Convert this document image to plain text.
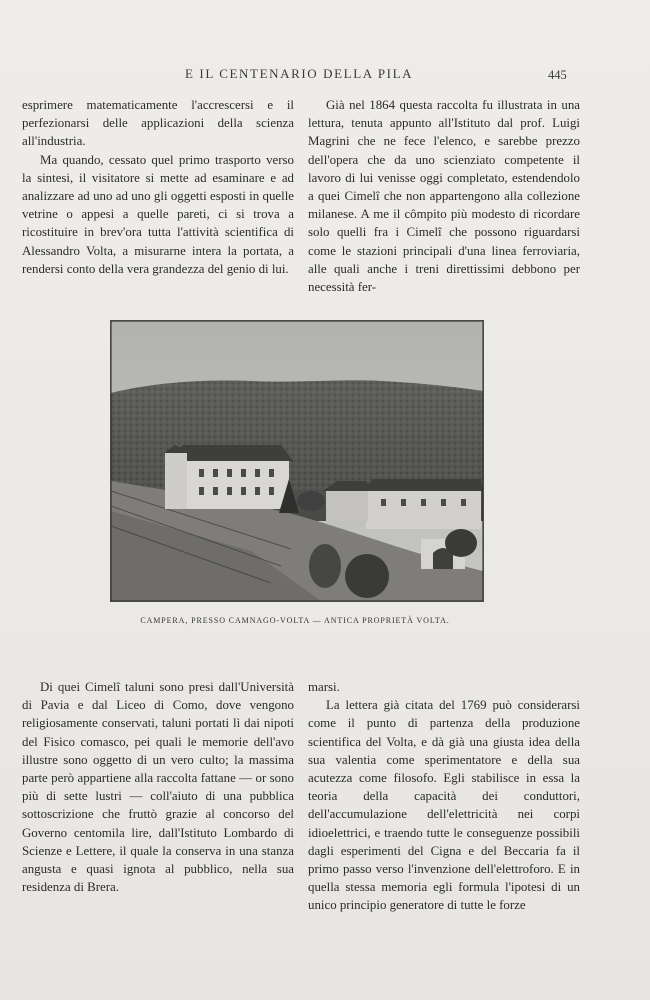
E IL CENTENARIO DELLA PILA	445

esprimere matematicamente l'accrescersi e il perfezionarsi delle applicazioni della scienza all'industria.

Ma quando, cessato quel primo trasporto verso la sintesi, il visitatore si mette ad esaminare e ad analizzare ad uno ad uno gli oggetti esposti in quelle vetrine o appesi a quelle pareti, ci si trova a ricostituire in brev'ora tutta l'attività scientifica di Alessandro Volta, a misurarne intera la portata, a rendersi conto della vera grandezza del genio di lui.

Già nel 1864 questa raccolta fu illustrata in una lettura, tenuta appunto all'Istituto dal prof. Luigi Magrini che ne fece l'elenco, e sarebbe prezzo dell'opera che da uno scienziato competente il lavoro di lui venisse oggi completato, estendendolo a quei Cimelî che non appartengono alla collezione milanese. A me il cômpito più modesto di ricordare solo quelli fra i Cimelî che possono riguardarsi come le stazioni principali d'una linea ferroviaria, alle quali anche i treni direttissimi debbono per necessità fer-

CAMPERA, PRESSO CAMNAGO-VOLTA — ANTICA PROPRIETÀ VOLTA.

Di quei Cimelî taluni sono presi dall'Università di Pavia e dal Liceo di Como, dove vengono religiosamente conservati, taluni portati lì dai nipoti del Fisico comasco, pei quali le memorie dell'avo illustre sono oggetto di un vero culto; la massima parte però appartiene alla raccolta fattane — or sono più di sette lustri — coll'aiuto di una pubblica sottoscrizione che fruttò grazie al concorso del Governo centomila lire, dall'Istituto Lombardo di Scienze e Lettere, il quale la conserva in una stanza angusta e quasi ignota al pubblico, nella sua residenza di Brera.

marsi.

La lettera già citata del 1769 può considerarsi come il punto di partenza della produzione scientifica del Volta, e dà già una giusta idea della sua valentia come sperimentatore e della sua acutezza come filosofo. Egli stabilisce in essa la teoria della capacità dei conduttori, dell'accumulazione dell'elettricità nei corpi idioelettrici, e traendo tutte le conseguenze possibili dagli esperimenti del Cigna e del Beccaria fa il primo passo verso l'invenzione dell'elettroforo. E in quella stessa memoria egli formula l'ipotesi di un unico principio generatore di tutte le forze
